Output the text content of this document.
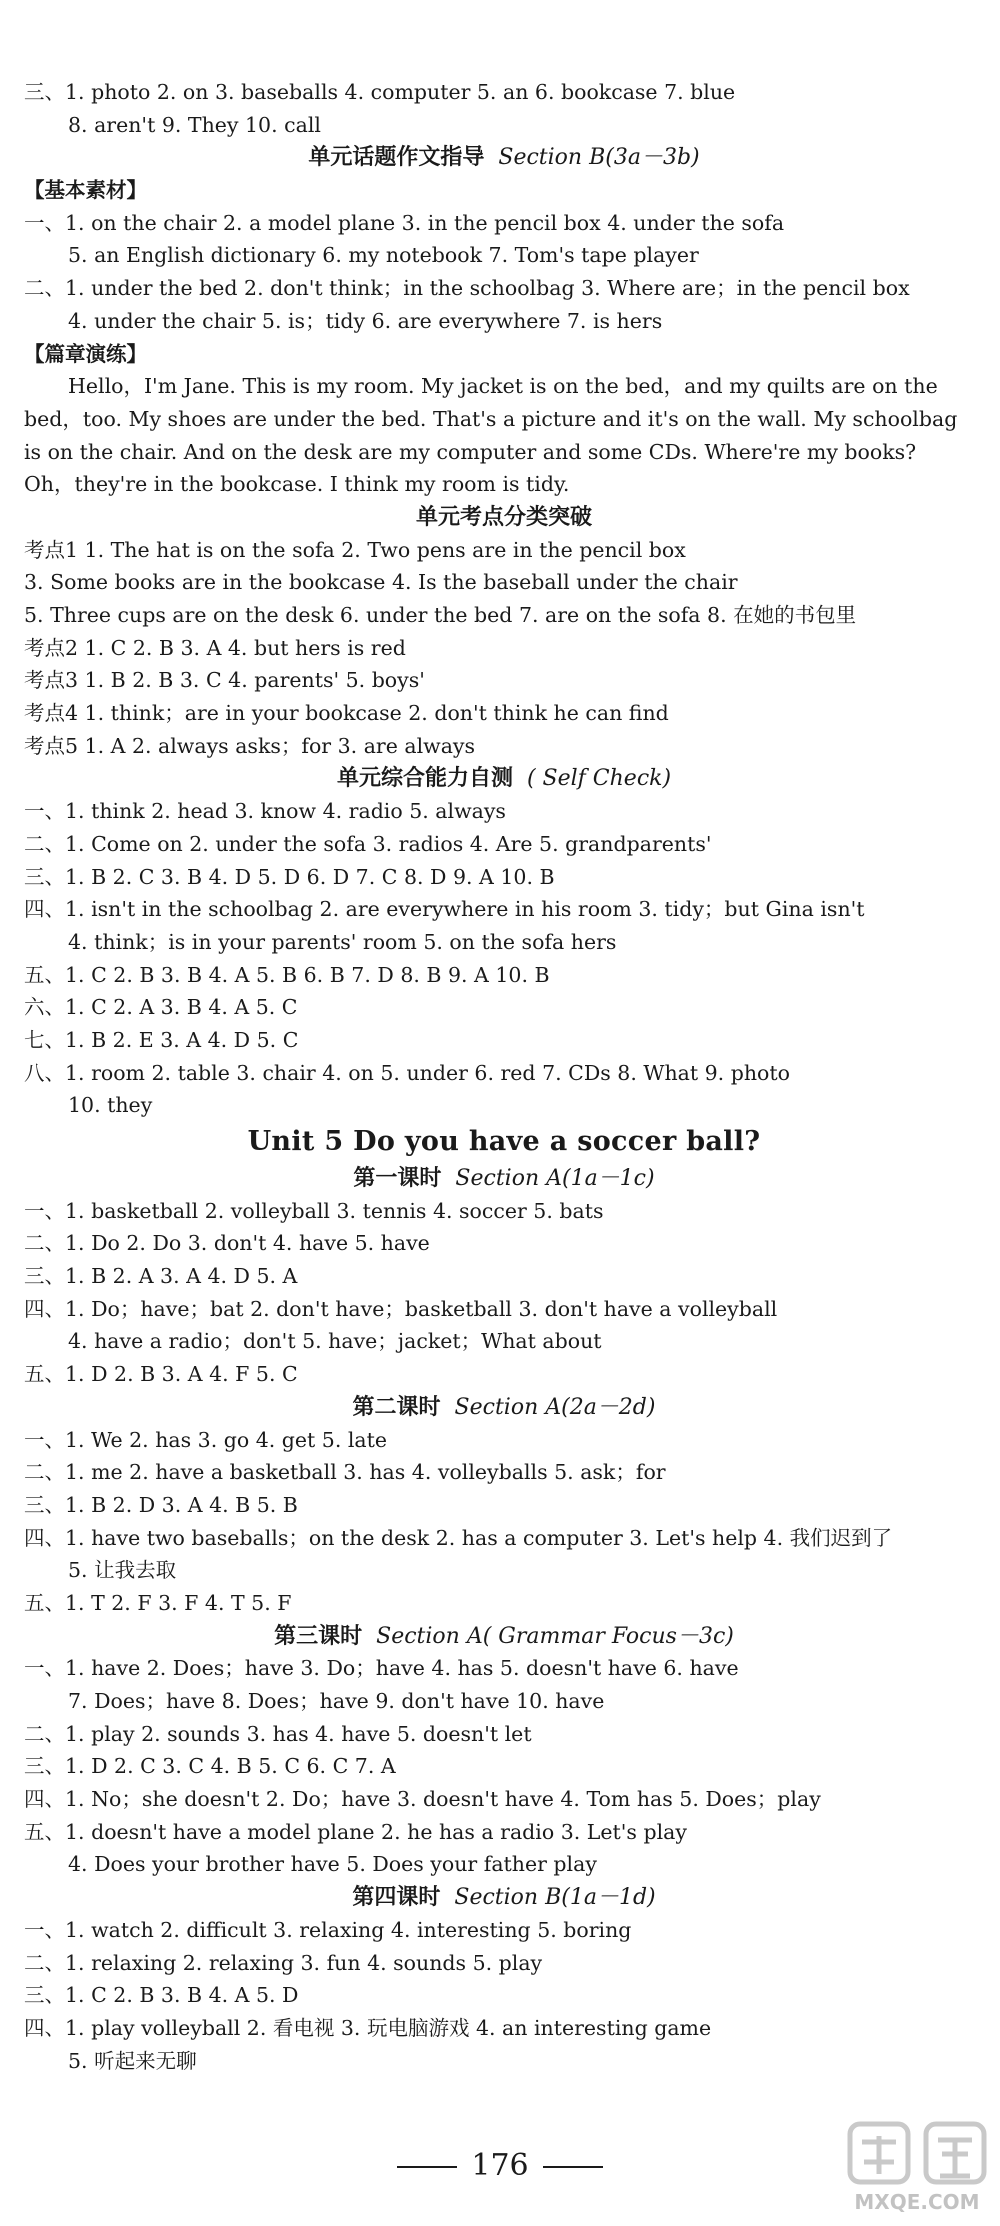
三、1. photo 2. on 3. baseballs 4. computer 5. an 6. bookcase 7. blue
8. aren't 9. They 10. call
单元话题作文指导 Section B(3a－3b)
【基本素材】
一、1. on the chair 2. a model plane 3. in the pencil box 4. under the sofa
5. an English dictionary 6. my notebook 7. Tom's tape player
二、1. under the bed 2. don't think；in the schoolbag 3. Where are；in the pencil box
4. under the chair 5. is；tidy 6. are everywhere 7. is hers
【篇章演练】
Hello，I'm Jane. This is my room. My jacket is on the bed，and my quilts are on the
bed，too. My shoes are under the bed. That's a picture and it's on the wall. My schoolbag
is on the chair. And on the desk are my computer and some CDs. Where're my books?
Oh，they're in the bookcase. I think my room is tidy.
单元考点分类突破
考点1 1. The hat is on the sofa 2. Two pens are in the pencil box
3. Some books are in the bookcase 4. Is the baseball under the chair
5. Three cups are on the desk 6. under the bed 7. are on the sofa 8. 在她的书包里
考点2 1. C 2. B 3. A 4. but hers is red
考点3 1. B 2. B 3. C 4. parents' 5. boys'
考点4 1. think；are in your bookcase 2. don't think he can find
考点5 1. A 2. always asks；for 3. are always
单元综合能力自测 ( Self Check)
一、1. think 2. head 3. know 4. radio 5. always
二、1. Come on 2. under the sofa 3. radios 4. Are 5. grandparents'
三、1. B 2. C 3. B 4. D 5. D 6. D 7. C 8. D 9. A 10. B
四、1. isn't in the schoolbag 2. are everywhere in his room 3. tidy；but Gina isn't
4. think；is in your parents' room 5. on the sofa hers
五、1. C 2. B 3. B 4. A 5. B 6. B 7. D 8. B 9. A 10. B
六、1. C 2. A 3. B 4. A 5. C
七、1. B 2. E 3. A 4. D 5. C
八、1. room 2. table 3. chair 4. on 5. under 6. red 7. CDs 8. What 9. photo
10. they
Unit 5 Do you have a soccer ball?
第一课时 Section A(1a－1c)
一、1. basketball 2. volleyball 3. tennis 4. soccer 5. bats
二、1. Do 2. Do 3. don't 4. have 5. have
三、1. B 2. A 3. A 4. D 5. A
四、1. Do；have；bat 2. don't have；basketball 3. don't have a volleyball
4. have a radio；don't 5. have；jacket；What about
五、1. D 2. B 3. A 4. F 5. C
第二课时 Section A(2a－2d)
一、1. We 2. has 3. go 4. get 5. late
二、1. me 2. have a basketball 3. has 4. volleyballs 5. ask；for
三、1. B 2. D 3. A 4. B 5. B
四、1. have two baseballs；on the desk 2. has a computer 3. Let's help 4. 我们迟到了
5. 让我去取
五、1. T 2. F 3. F 4. T 5. F
第三课时 Section A( Grammar Focus－3c)
一、1. have 2. Does；have 3. Do；have 4. has 5. doesn't have 6. have
7. Does；have 8. Does；have 9. don't have 10. have
二、1. play 2. sounds 3. has 4. have 5. doesn't let
三、1. D 2. C 3. C 4. B 5. C 6. C 7. A
四、1. No；she doesn't 2. Do；have 3. doesn't have 4. Tom has 5. Does；play
五、1. doesn't have a model plane 2. he has a radio 3. Let's play
4. Does your brother have 5. Does your father play
第四课时 Section B(1a－1d)
一、1. watch 2. difficult 3. relaxing 4. interesting 5. boring
二、1. relaxing 2. relaxing 3. fun 4. sounds 5. play
三、1. C 2. B 3. B 4. A 5. D
四、1. play volleyball 2. 看电视 3. 玩电脑游戏 4. an interesting game
5. 听起来无聊
176
MXQE.COM
